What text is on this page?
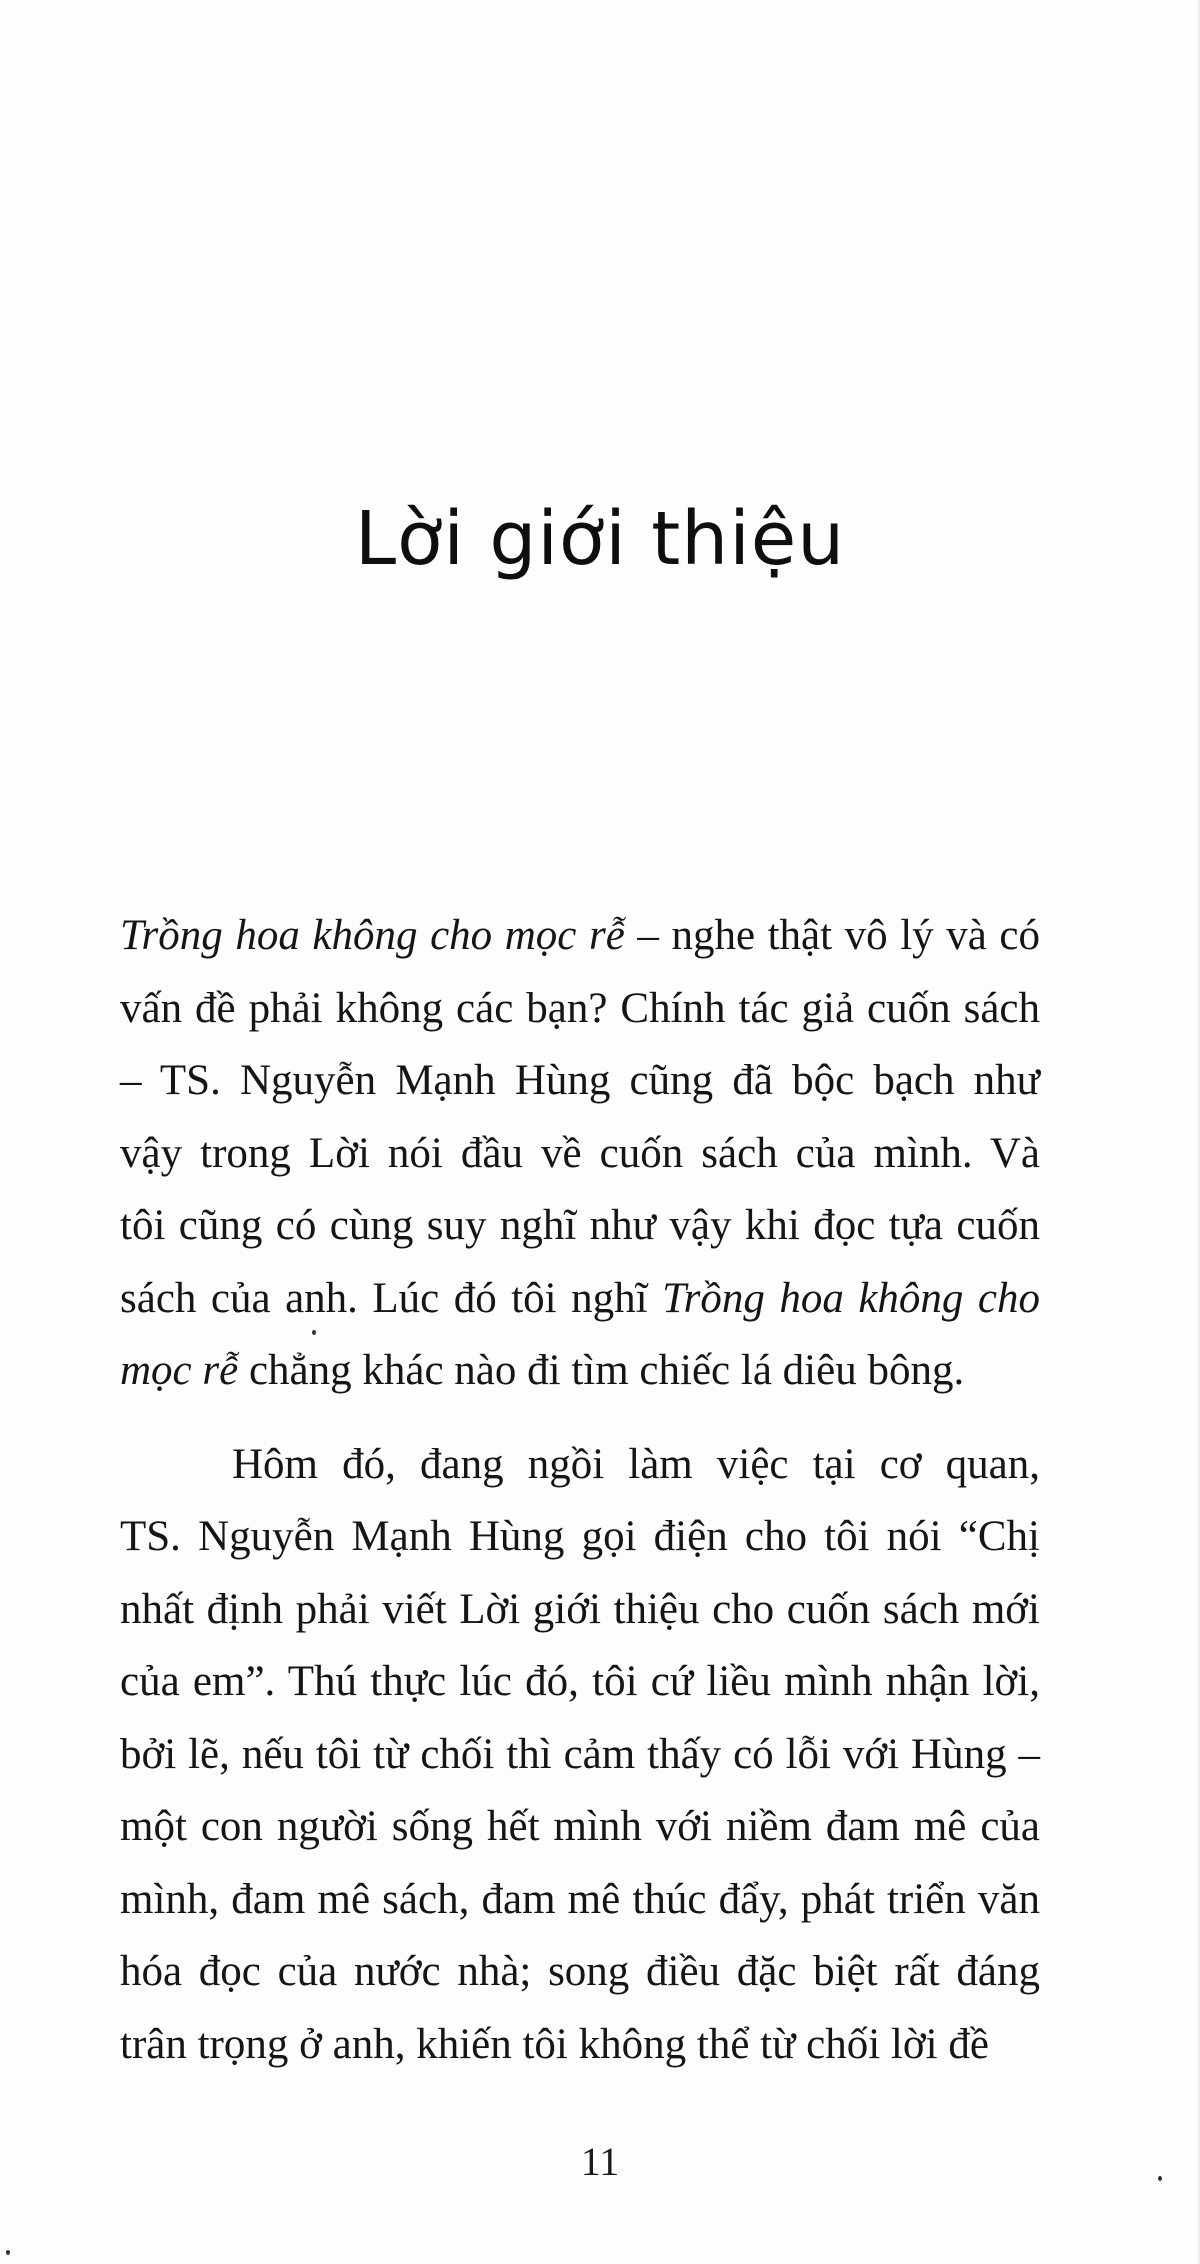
Lời giới thiệu
Trồng hoa không cho mọc rễ – nghe thật vô lý và có
vấn đề phải không các bạn? Chính tác giả cuốn sách
– TS. Nguyễn Mạnh Hùng cũng đã bộc bạch như
vậy trong Lời nói đầu về cuốn sách của mình. Và
tôi cũng có cùng suy nghĩ như vậy khi đọc tựa cuốn
sách của anh. Lúc đó tôi nghĩ Trồng hoa không cho
mọc rễ chẳng khác nào đi tìm chiếc lá diêu bông.
Hôm đó, đang ngồi làm việc tại cơ quan,
TS. Nguyễn Mạnh Hùng gọi điện cho tôi nói “Chị
nhất định phải viết Lời giới thiệu cho cuốn sách mới
của em”. Thú thực lúc đó, tôi cứ liều mình nhận lời,
bởi lẽ, nếu tôi từ chối thì cảm thấy có lỗi với Hùng –
một con người sống hết mình với niềm đam mê của
mình, đam mê sách, đam mê thúc đẩy, phát triển văn
hóa đọc của nước nhà; song điều đặc biệt rất đáng
trân trọng ở anh, khiến tôi không thể từ chối lời đề
11
